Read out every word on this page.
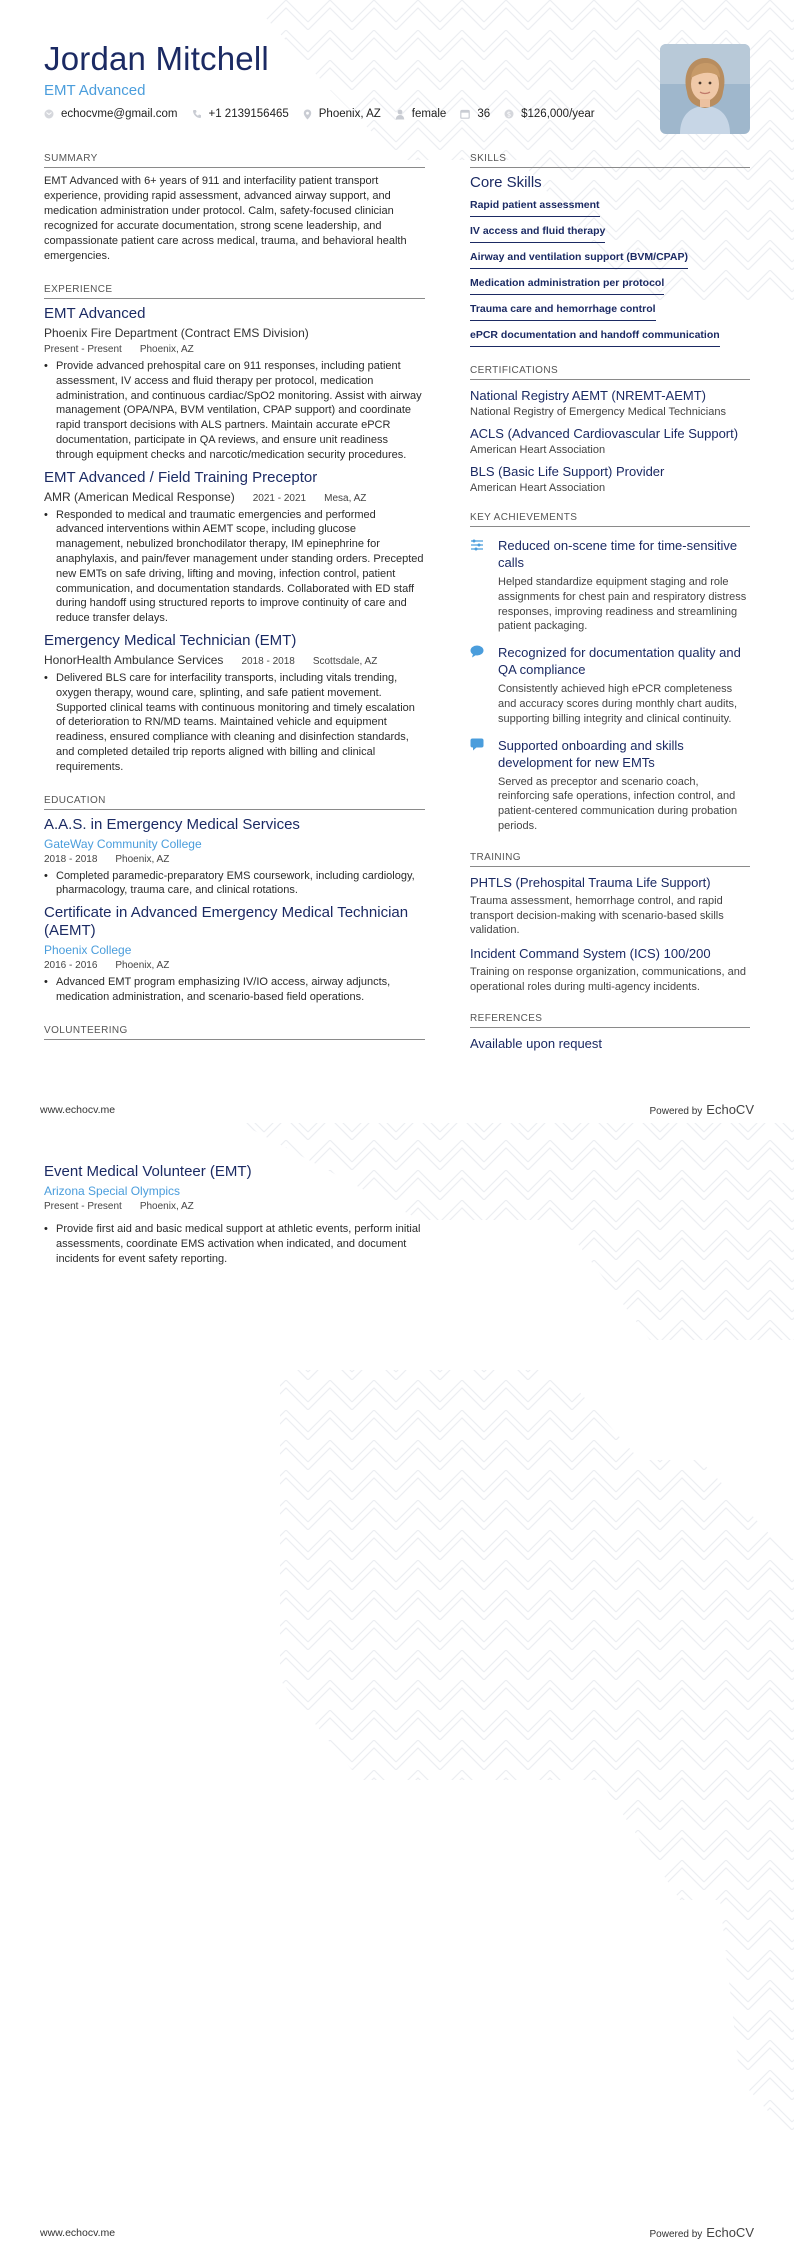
Jordan Mitchell
EMT Advanced
echocvme@gmail.com	+1 2139156465	Phoenix, AZ	female	36 $ $126,000/year
SUMMARY
EMT Advanced with 6+ years of 911 and interfacility patient transport experience, providing rapid assessment, advanced airway support, and medication administration under protocol. Calm, safety-focused clinician recognized for accurate documentation, strong scene leadership, and compassionate patient care across medical, trauma, and behavioral health emergencies.
EXPERIENCE
EMT Advanced
Phoenix Fire Department (Contract EMS Division)
Present - Present Phoenix, AZ
• Provide advanced prehospital care on 911 responses, including patient assessment, IV access and fluid therapy per protocol, medication administration, and continuous cardiac/SpO2 monitoring. Assist with airway management (OPA/NPA, BVM ventilation, CPAP support) and coordinate rapid transport decisions with ALS partners. Maintain accurate ePCR documentation, participate in QA reviews, and ensure unit readiness through equipment checks and narcotic/medication security procedures.
EMT Advanced / Field Training Preceptor
AMR (American Medical Response) 2021 - 2021 Mesa, AZ
• Responded to medical and traumatic emergencies and performed advanced interventions within AEMT scope, including glucose management, nebulized bronchodilator therapy, IM epinephrine for anaphylaxis, and pain/fever management under standing orders. Precepted new EMTs on safe driving, lifting and moving, infection control, patient communication, and documentation standards. Collaborated with ED staff during handoff using structured reports to improve continuity of care and reduce transfer delays.
Emergency Medical Technician (EMT)
HonorHealth Ambulance Services 2018 - 2018 Scottsdale, AZ
• Delivered BLS care for interfacility transports, including vitals trending, oxygen therapy, wound care, splinting, and safe patient movement. Supported clinical teams with continuous monitoring and timely escalation of deterioration to RN/MD teams. Maintained vehicle and equipment readiness, ensured compliance with cleaning and disinfection standards, and completed detailed trip reports aligned with billing and clinical requirements.
EDUCATION
A.A.S. in Emergency Medical Services
GateWay Community College
2018 - 2018 Phoenix, AZ
• Completed paramedic-preparatory EMS coursework, including cardiology, pharmacology, trauma care, and clinical rotations.
Certificate in Advanced Emergency Medical Technician (AEMT)
Phoenix College
2016 - 2016 Phoenix, AZ
• Advanced EMT program emphasizing IV/IO access, airway adjuncts, medication administration, and scenario-based field operations.
VOLUNTEERING
SKILLS
Core Skills
Rapid patient assessment
IV access and fluid therapy
Airway and ventilation support (BVM/CPAP)
Medication administration per protocol
Trauma care and hemorrhage control
ePCR documentation and handoff communication
CERTIFICATIONS
National Registry AEMT (NREMT-AEMT)
National Registry of Emergency Medical Technicians
ACLS (Advanced Cardiovascular Life Support)
American Heart Association
BLS (Basic Life Support) Provider
American Heart Association
KEY ACHIEVEMENTS
Reduced on-scene time for time-sensitive calls
Helped standardize equipment staging and role assignments for chest pain and respiratory distress responses, improving readiness and streamlining patient packaging.
Recognized for documentation quality and QA compliance
Consistently achieved high ePCR completeness and accuracy scores during monthly chart audits, supporting billing integrity and clinical continuity.
Supported onboarding and skills development for new EMTs
Served as preceptor and scenario coach, reinforcing safe operations, infection control, and patient-centered communication during probation periods.
TRAINING
PHTLS (Prehospital Trauma Life Support)
Trauma assessment, hemorrhage control, and rapid transport decision-making with scenario-based skills validation.
Incident Command System (ICS) 100/200
Training on response organization, communications, and operational roles during multi-agency incidents.
REFERENCES
Available upon request
www.echocv.me	Powered by EchoCV
Event Medical Volunteer (EMT)
Arizona Special Olympics
Present - Present Phoenix, AZ
• Provide first aid and basic medical support at athletic events, perform initial assessments, coordinate EMS activation when indicated, and document incidents for event safety reporting.
www.echocv.me	Powered by EchoCV
